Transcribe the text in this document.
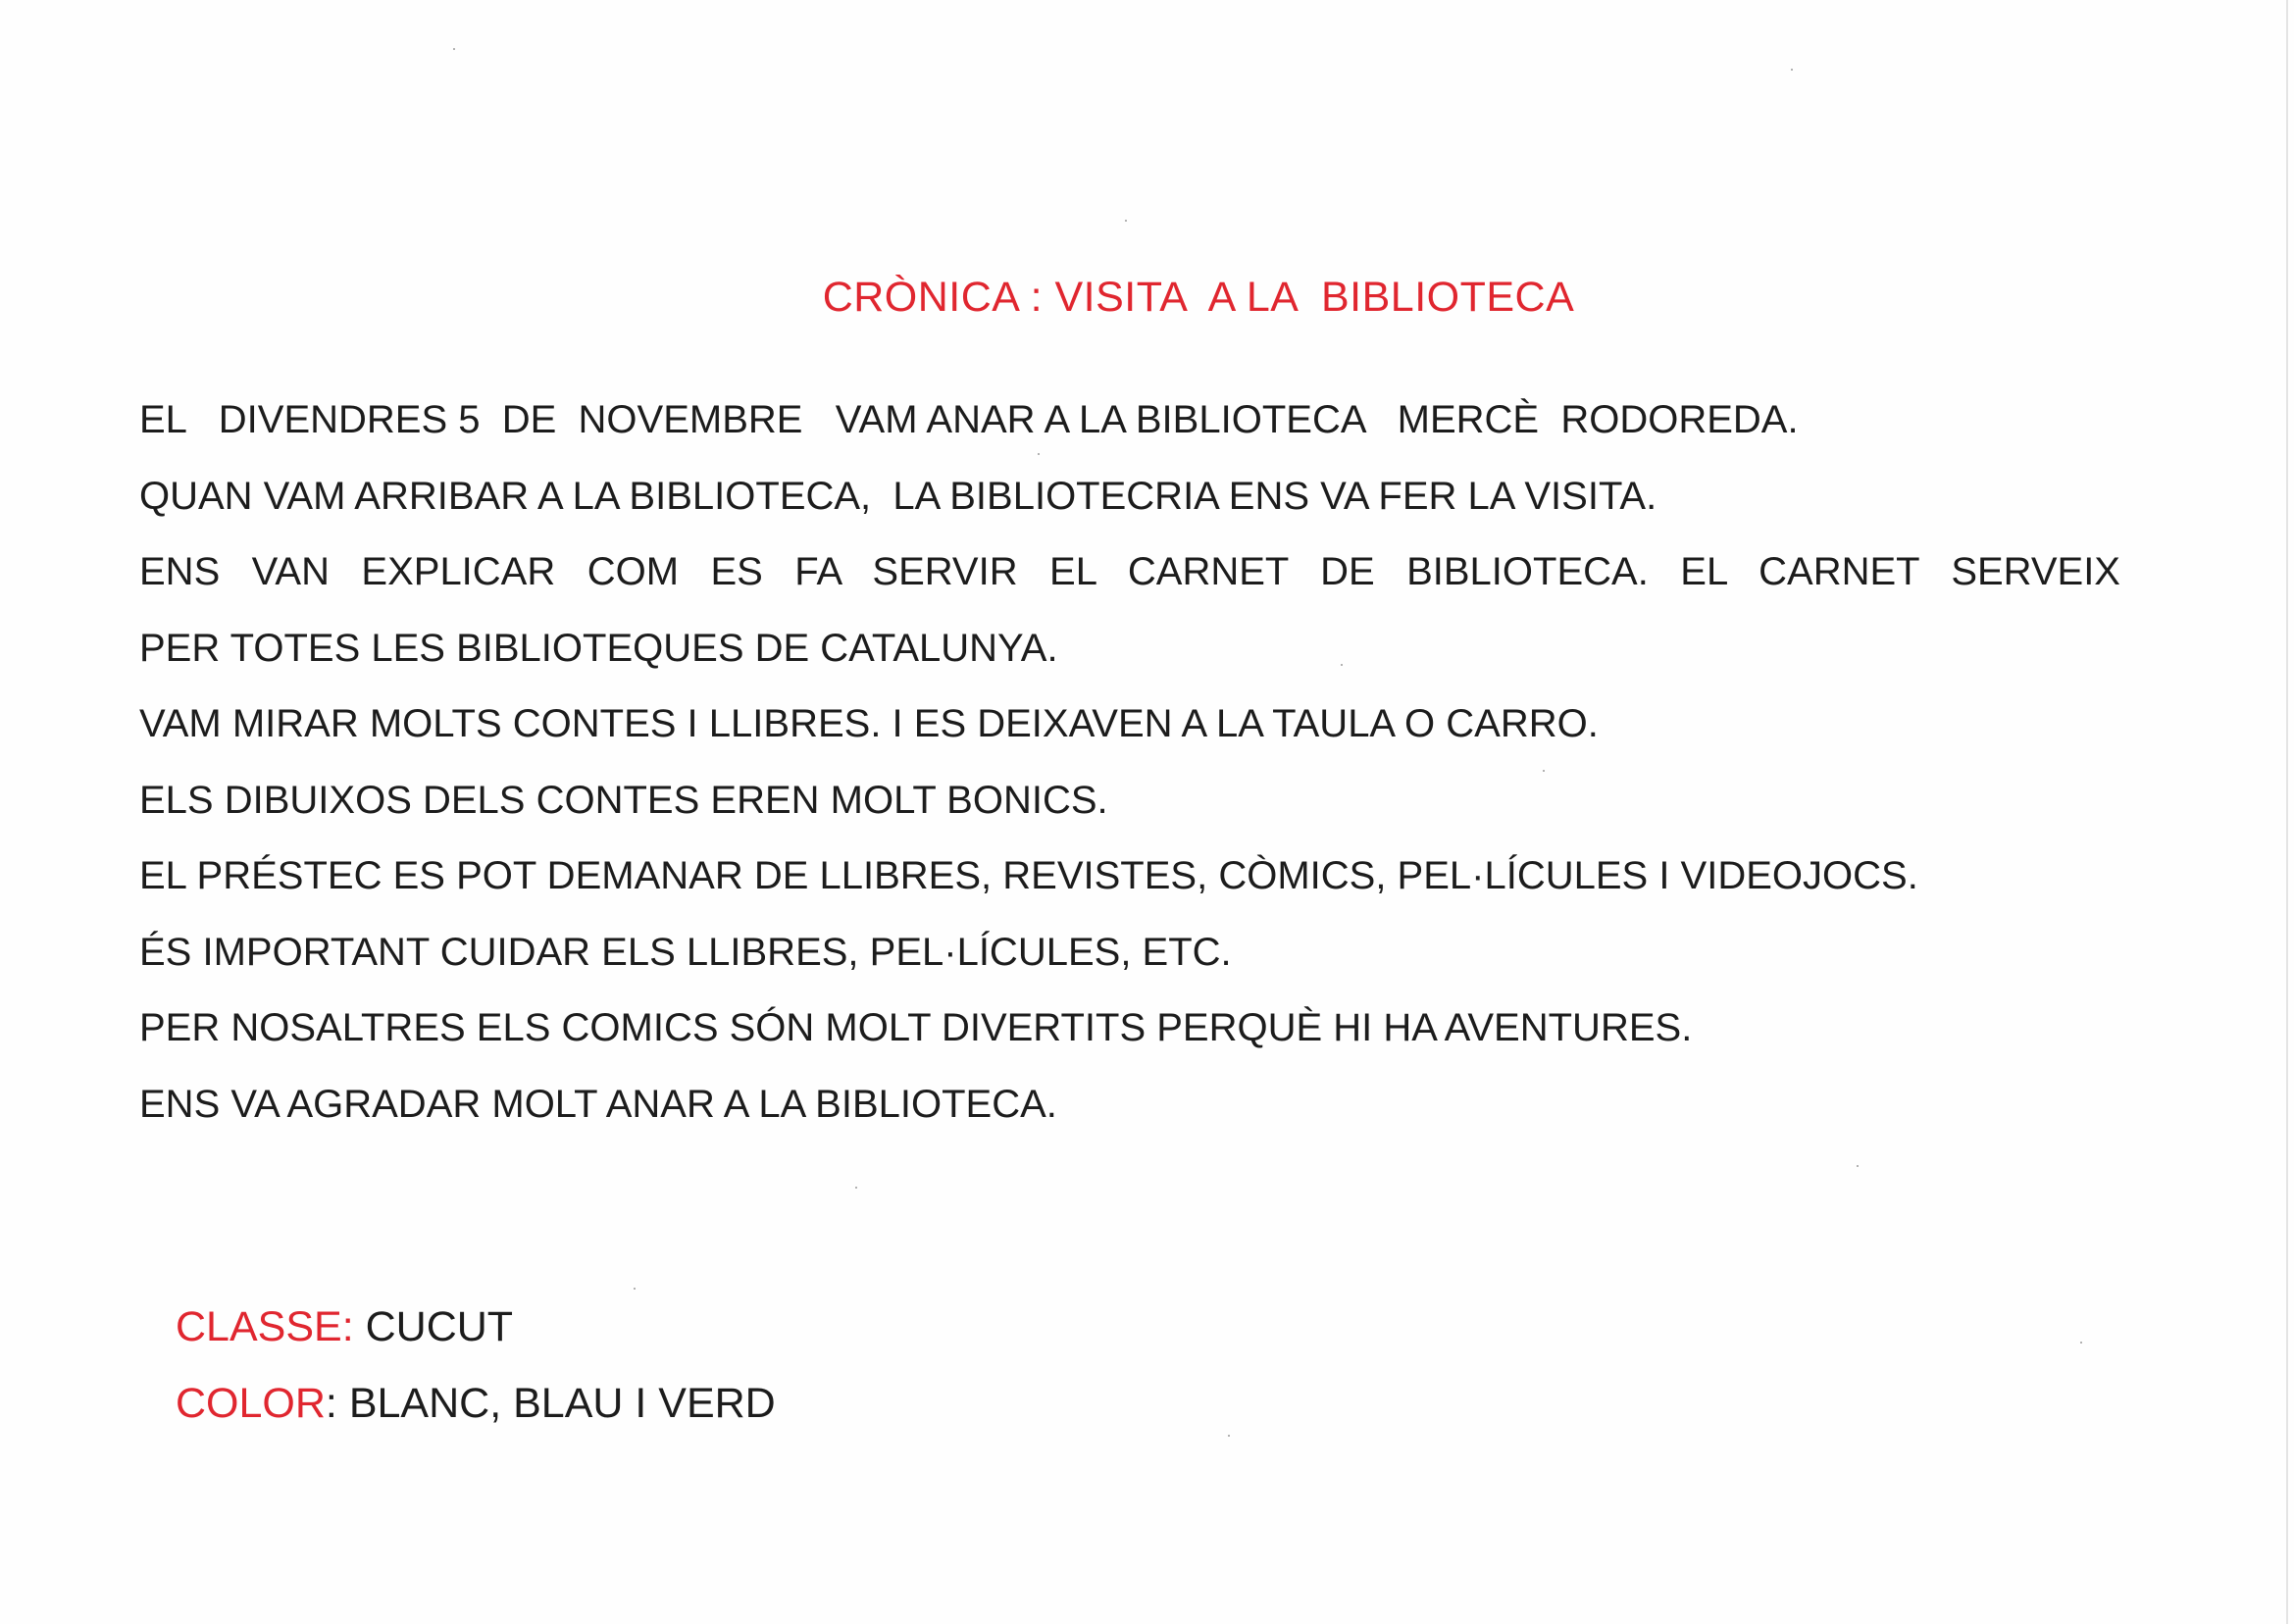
CRÒNICA : VISITA  A LA  BIBLIOTECA
EL   DIVENDRES 5  DE  NOVEMBRE   VAM ANAR A LA BIBLIOTECA   MERCÈ  RODOREDA.
QUAN VAM ARRIBAR A LA BIBLIOTECA,  LA BIBLIOTECRIA ENS VA FER LA VISITA.
ENS VAN EXPLICAR COM ES FA SERVIR EL CARNET DE BIBLIOTECA. EL CARNET SERVEIX
PER TOTES LES BIBLIOTEQUES DE CATALUNYA.
VAM MIRAR MOLTS CONTES I LLIBRES. I ES DEIXAVEN A LA TAULA O CARRO.
ELS DIBUIXOS DELS CONTES EREN MOLT BONICS.
EL PRÉSTEC ES POT DEMANAR DE LLIBRES, REVISTES, CÒMICS, PEL·LÍCULES I VIDEOJOCS.
ÉS IMPORTANT CUIDAR ELS LLIBRES, PEL·LÍCULES, ETC.
PER NOSALTRES ELS COMICS SÓN MOLT DIVERTITS PERQUÈ HI HA AVENTURES.
ENS VA AGRADAR MOLT ANAR A LA BIBLIOTECA.
CLASSE: CUCUT
COLOR: BLANC, BLAU I VERD
